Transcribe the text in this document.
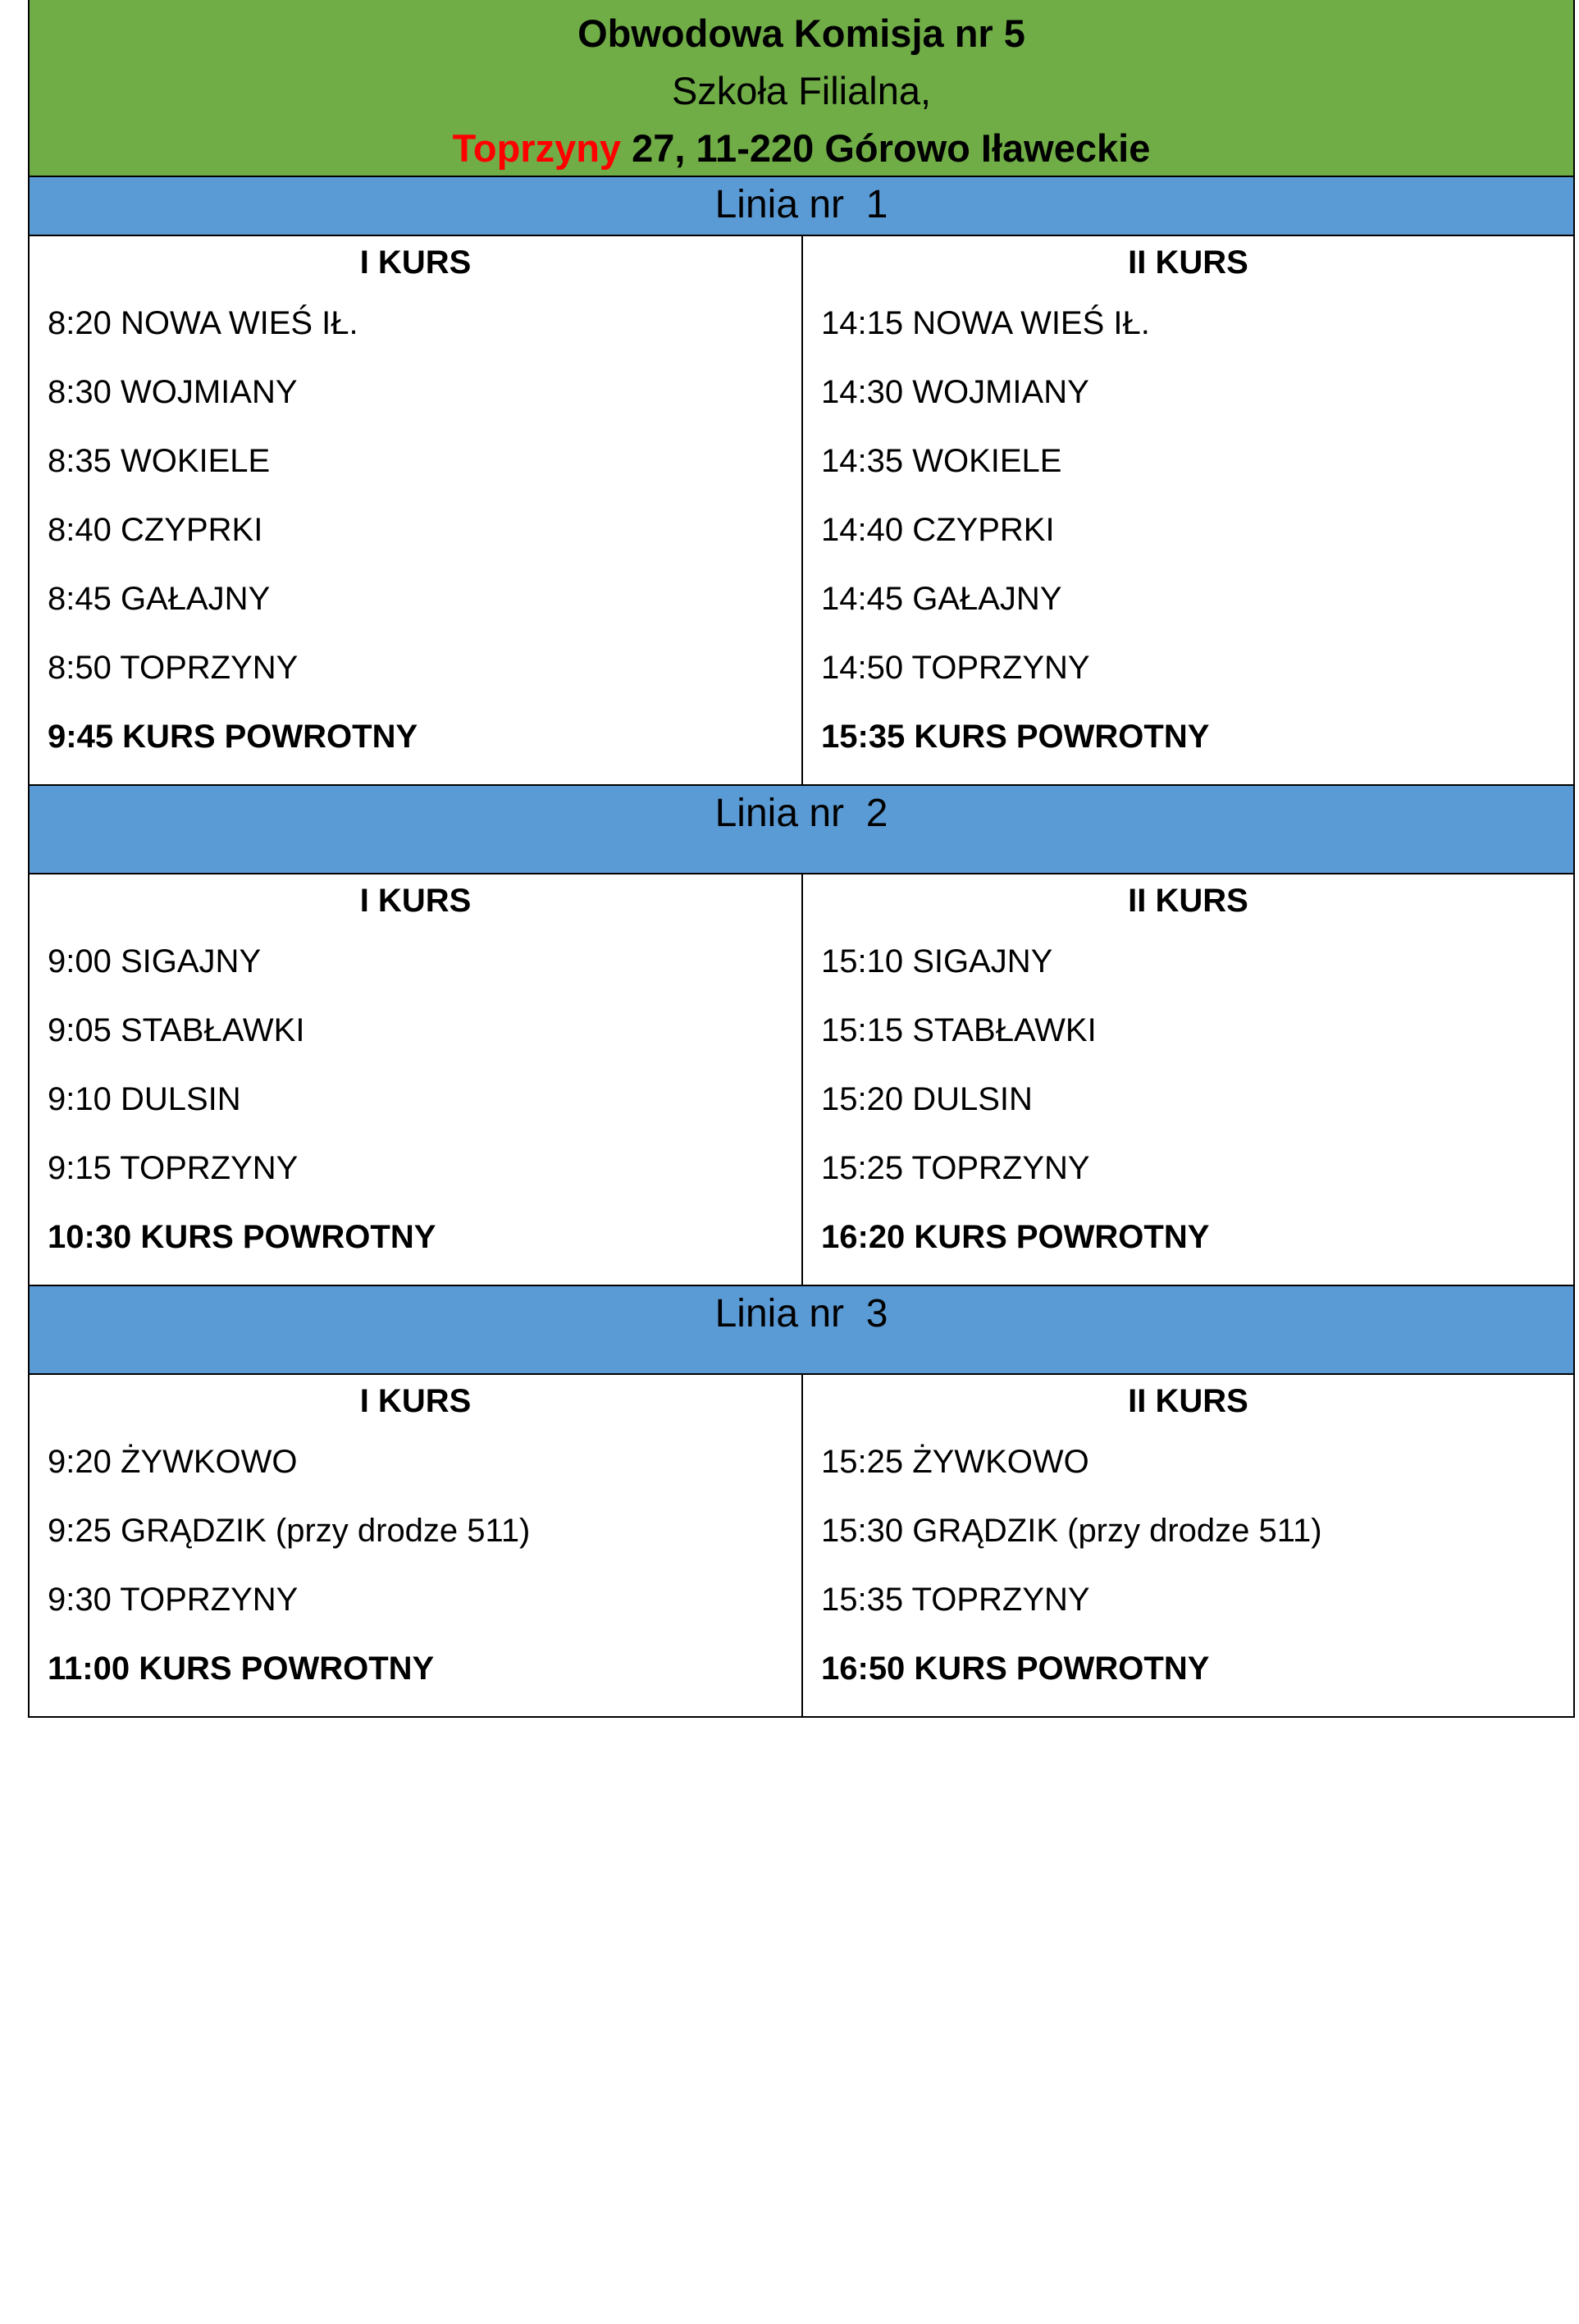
Obwodowa Komisja nr 5
Szkoła Filialna,
Toprzyny 27, 11-220 Górowo Iławeckie
Linia nr  1
I KURS
8:20 NOWA WIEŚ IŁ.
8:30 WOJMIANY
8:35 WOKIELE
8:40 CZYPRKI
8:45 GAŁAJNY
8:50 TOPRZYNY
9:45 KURS POWROTNY
II KURS
14:15 NOWA WIEŚ IŁ.
14:30 WOJMIANY
14:35 WOKIELE
14:40 CZYPRKI
14:45 GAŁAJNY
14:50 TOPRZYNY
15:35 KURS POWROTNY
Linia nr  2
I KURS
9:00 SIGAJNY
9:05 STABŁAWKI
9:10 DULSIN
9:15 TOPRZYNY
10:30 KURS POWROTNY
II KURS
15:10 SIGAJNY
15:15 STABŁAWKI
15:20 DULSIN
15:25 TOPRZYNY
16:20 KURS POWROTNY
Linia nr  3
I KURS
9:20 ŻYWKOWO
9:25 GRĄDZIK (przy drodze 511)
9:30 TOPRZYNY
11:00 KURS POWROTNY
II KURS
15:25 ŻYWKOWO
15:30 GRĄDZIK (przy drodze 511)
15:35 TOPRZYNY
16:50 KURS POWROTNY
